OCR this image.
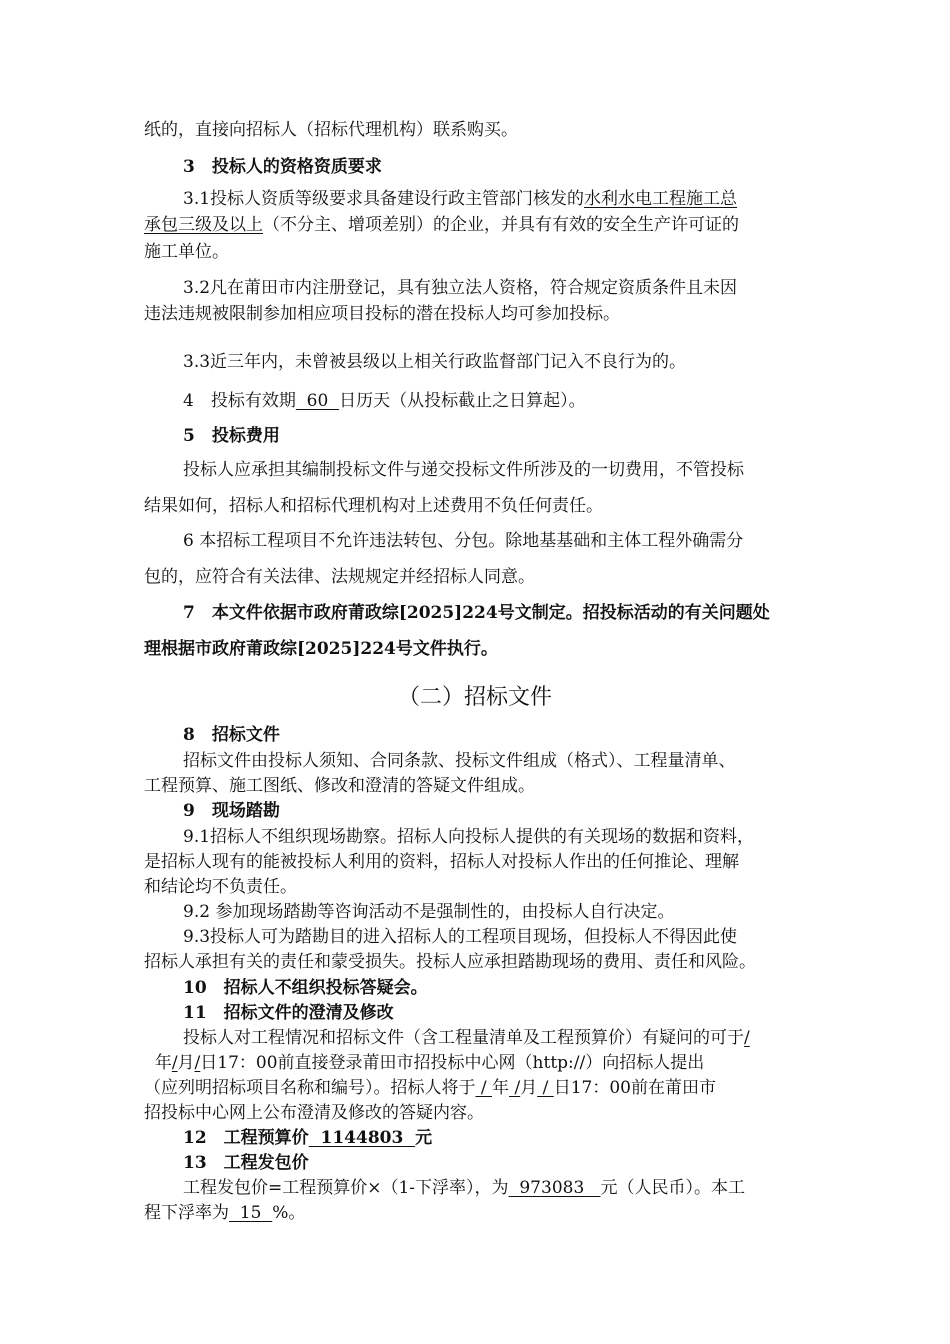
纸的，直接向招标人（招标代理机构）联系购买。
3　投标人的资格资质要求
3.1投标人资质等级要求具备建设行政主管部门核发的水利水电工程施工总
承包三级及以上（不分主、增项差别）的企业，并具有有效的安全生产许可证的
施工单位。
3.2凡在莆田市内注册登记，具有独立法人资格，符合规定资质条件且未因
违法违规被限制参加相应项目投标的潜在投标人均可参加投标。
3.3近三年内，未曾被县级以上相关行政监督部门记入不良行为的。
4　投标有效期  60  日历天（从投标截止之日算起）。
5　投标费用
投标人应承担其编制投标文件与递交投标文件所涉及的一切费用，不管投标
结果如何，招标人和招标代理机构对上述费用不负任何责任。
6 本招标工程项目不允许违法转包、分包。除地基基础和主体工程外确需分
包的，应符合有关法律、法规规定并经招标人同意。
7　本文件依据市政府莆政综[2025]224号文制定。招投标活动的有关问题处
理根据市政府莆政综[2025]224号文件执行。
（二）招标文件
8　招标文件
招标文件由投标人须知、合同条款、投标文件组成（格式）、工程量清单、
工程预算、施工图纸、修改和澄清的答疑文件组成。
9　现场踏勘
9.1招标人不组织现场勘察。招标人向投标人提供的有关现场的数据和资料，
是招标人现有的能被投标人利用的资料，招标人对投标人作出的任何推论、理解
和结论均不负责任。
9.2 参加现场踏勘等咨询活动不是强制性的，由投标人自行决定。
9.3投标人可为踏勘目的进入招标人的工程项目现场，但投标人不得因此使
招标人承担有关的责任和蒙受损失。投标人应承担踏勘现场的费用、责任和风险。
10　招标人不组织投标答疑会。
11　招标文件的澄清及修改
投标人对工程情况和招标文件（含工程量清单及工程预算价）有疑问的可于/
年/月/日17：00前直接登录莆田市招投标中心网（http://）向招标人提出
（应列明招标项目名称和编号）。招标人将于 / 年 /月 / 日17：00前在莆田市
招投标中心网上公布澄清及修改的答疑内容。
12　工程预算价  1144803  元
13　工程发包价
工程发包价=工程预算价×（1-下浮率），为  973083   元（人民币）。本工
程下浮率为  15  %。
